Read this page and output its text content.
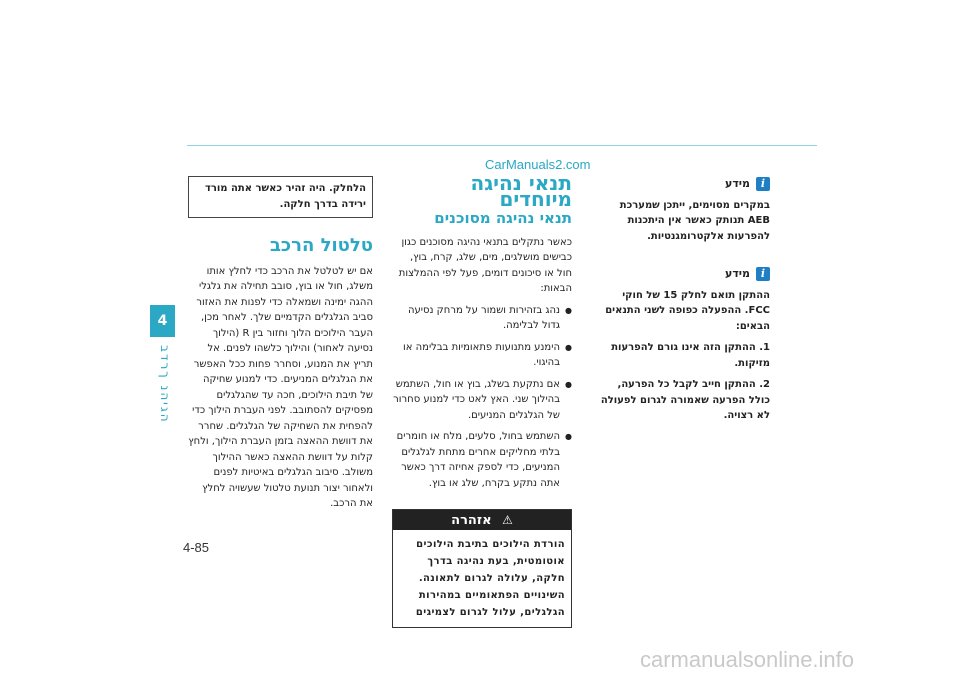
4
הגיהנ ךרדב
CarManuals2.com
הלחלק. היה זהיר כאשר אתה מורד ירידה בדרך חלקה.
טלטול הרכב

אם יש לטלטל את הרכב כדי לחלץ אותו משלג, חול או בוץ, סובב תחילה את גלגלי ההגה ימינה ושמאלה כדי לפנות את האזור סביב הגלגלים הקדמיים שלך. לאחר מכן, העבר הילוכים הלוך וחזור בין R (הילוך נסיעה לאחור) והילוך כלשהו לפנים. אל תריץ את המנוע, וסחרר פחות ככל האפשר את הגלגלים המניעים. כדי למנוע שחיקה של תיבת הילוכים, חכה עד שהגלגלים מפסיקים להסתובב. לפני העברת הילוך כדי להפחית את השחיקה של הגלגלים. שחרר את דוושת ההאצה בזמן העברת הילוך, ולחץ קלות על דוושת ההאצה כאשר ההילוך משולב. סיבוב הגלגלים באיטיות לפנים ולאחור יצור תנועת טלטול שעשויה לחלץ את הרכב.

תנאי נהיגה מיוחדים
תנאי נהיגה מסוכנים

כאשר נתקלים בתנאי נהיגה מסוכנים כגון כבישים מושלגים, מים, שלג, קרח, בוץ, חול או סיכונים דומים, פעל לפי ההמלצות הבאות:

● נהג בזהירות ושמור על מרחק נסיעה גדול לבלימה.
● הימנע מתנועות פתאומיות בבלימה או בהיגוי.
● אם נתקעת בשלג, בוץ או חול, השתמש בהילוך שני. האץ לאט כדי למנוע סחרור של הגלגלים המניעים.
● השתמש בחול, סלעים, מלח או חומרים בלתי מחליקים אחרים מתחת לגלגלים המניעים, כדי לספק אחיזה דרך כאשר אתה נתקע בקרח, שלג או בוץ.
⚠ אזהרה
הורדת הילוכים בתיבת הילוכים אוטומטית, בעת נהיגה בדרך חלקה, עלולה לגרום לתאונה. השינויים הפתאומיים במהירות הגלגלים, עלול לגרום לצמיגים
i
מידע

במקרים מסוימים, ייתכן שמערכת AEB תנותק כאשר אין היתכנות להפרעות אלקטרומגנטיות.

i
מידע

ההתקן תואם לחלק 15 של חוקי FCC. ההפעלה כפופה לשני התנאים הבאים:

1. ההתקן הזה אינו גורם להפרעות מזיקות.
2. ההתקן חייב לקבל כל הפרעה, כולל הפרעה שאמורה לגרום לפעולה לא רצויה.
4-85
carmanualsonline.info
